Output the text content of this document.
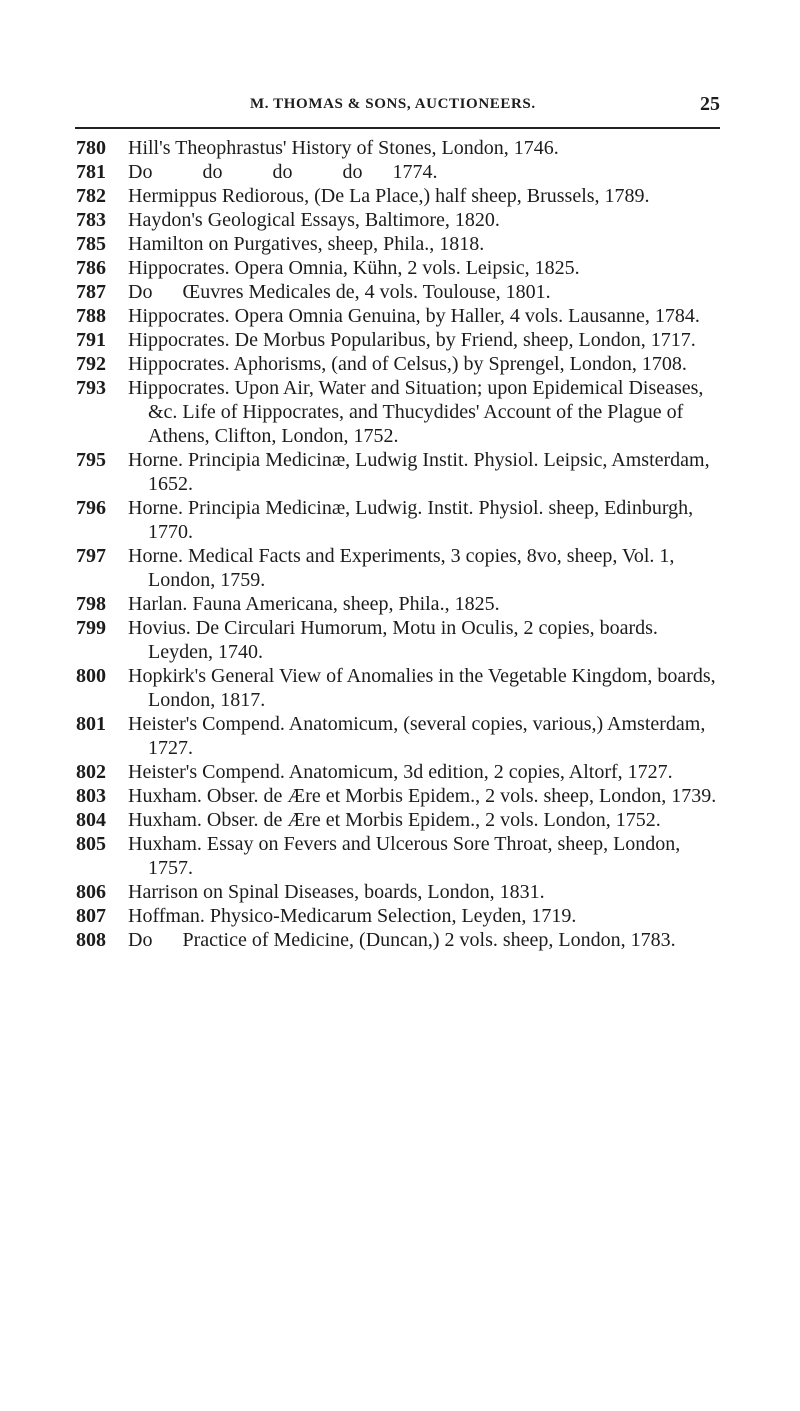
M. THOMAS & SONS, AUCTIONEERS.	25
780	Hill's Theophrastus' History of Stones, London, 1746.
781	Do          do          do          do      1774.
782	Hermippus Rediorous, (De La Place,) half sheep, Brussels, 1789.
783	Haydon's Geological Essays, Baltimore, 1820.
785	Hamilton on Purgatives, sheep, Phila., 1818.
786	Hippocrates. Opera Omnia, Kühn, 2 vols. Leipsic, 1825.
787	Do      Œuvres Medicales de, 4 vols. Toulouse, 1801.
788	Hippocrates. Opera Omnia Genuina, by Haller, 4 vols. Lausanne, 1784.
791	Hippocrates. De Morbus Popularibus, by Friend, sheep, London, 1717.
792	Hippocrates. Aphorisms, (and of Celsus,) by Sprengel, London, 1708.
793	Hippocrates. Upon Air, Water and Situation; upon Epidemical Diseases, &c. Life of Hippocrates, and Thucydides' Account of the Plague of Athens, Clifton, London, 1752.
795	Horne. Principia Medicinæ, Ludwig Instit. Physiol. Leipsic, Amsterdam, 1652.
796	Horne. Principia Medicinæ, Ludwig. Instit. Physiol. sheep, Edinburgh, 1770.
797	Horne. Medical Facts and Experiments, 3 copies, 8vo, sheep, Vol. 1, London, 1759.
798	Harlan. Fauna Americana, sheep, Phila., 1825.
799	Hovius. De Circulari Humorum, Motu in Oculis, 2 copies, boards. Leyden, 1740.
800	Hopkirk's General View of Anomalies in the Vegetable Kingdom, boards, London, 1817.
801	Heister's Compend. Anatomicum, (several copies, various,) Amsterdam, 1727.
802	Heister's Compend. Anatomicum, 3d edition, 2 copies, Altorf, 1727.
803	Huxham. Obser. de Ære et Morbis Epidem., 2 vols. sheep, London, 1739.
804	Huxham. Obser. de Ære et Morbis Epidem., 2 vols. London, 1752.
805	Huxham. Essay on Fevers and Ulcerous Sore Throat, sheep, London, 1757.
806	Harrison on Spinal Diseases, boards, London, 1831.
807	Hoffman. Physico-Medicarum Selection, Leyden, 1719.
808	Do      Practice of Medicine, (Duncan,) 2 vols. sheep, London, 1783.
